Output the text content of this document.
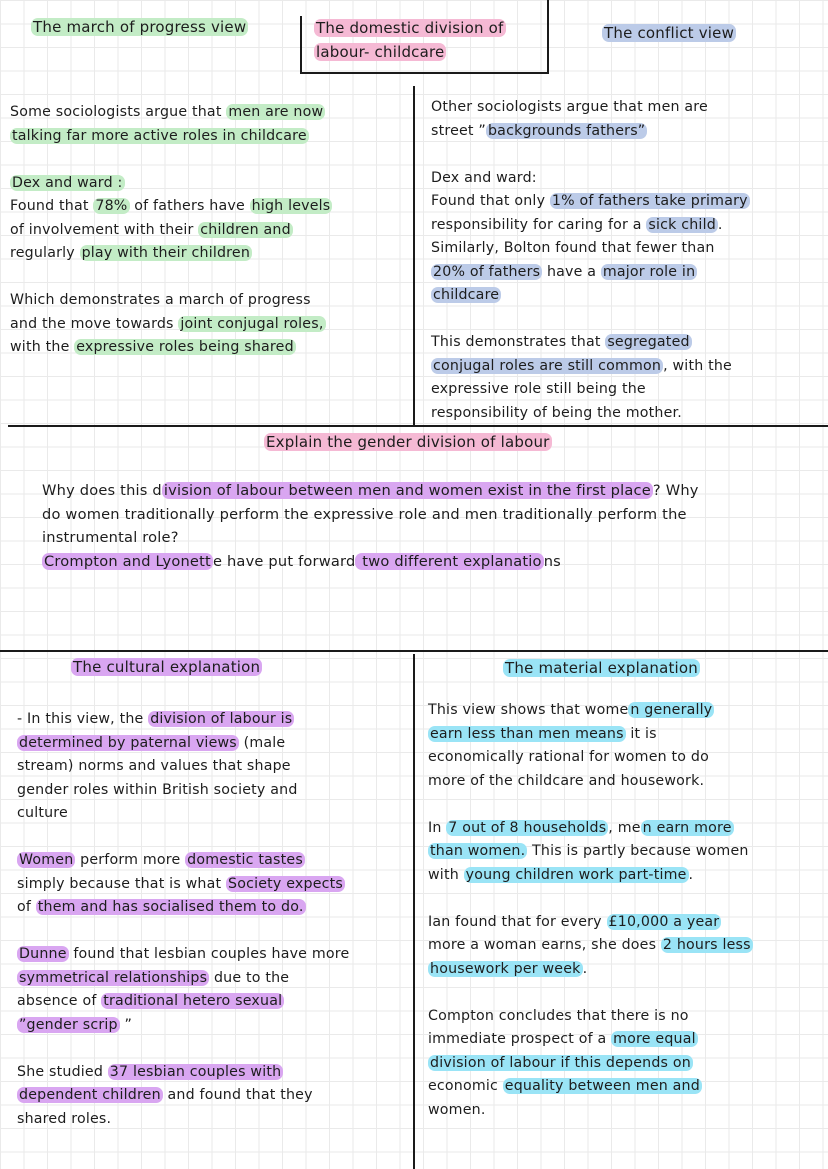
The march of progress view	The domestic division of

labour- childcare

The conflict view

Some sociologists argue that men are now

talking far more active roles in childcare

Dex and ward :

Found that 78% of fathers have high levels

of involvement with their children and

regularly play with their children

Which demonstrates a march of progress

and the move towards joint conjugal roles,

with the expressive roles being shared

Other sociologists argue that men are

street ” backgrounds fathers”

Dex and ward:

Found that only 1% of fathers take primary

responsibility for caring for a sick child .

Similarly, Bolton found that fewer than

20% of fathers have a major role in

childcare

This demonstrates that segregated

conjugal roles are still common , with the

expressive role still being the

responsibility of being the mother.

Explain the gender division of labour

Why does this d ivision of labour between men and women exist in the first place ? Why

do women traditionally perform the expressive role and men traditionally perform the

instrumental role?

Crompton and Lyonett e have put forward two different explanatio ns

The cultural explanation

- In this view, the division of labour is

determined by paternal views (male

stream) norms and values that shape

gender roles within British society and

culture

Women perform more domestic tastes

simply because that is what Society expects

of them and has socialised them to do.

Dunne found that lesbian couples have more

symmetrical relationships due to the

absence of traditional hetero sexual

”gender scrip ”

She studied 37 lesbian couples with

dependent children and found that they

shared roles.

The material explanation

This view shows that wome n generally

earn less than men means it is

economically rational for women to do

more of the childcare and housework.

In 7 out of 8 households , me n earn more

than women. This is partly because women

with young children work part-time .

Ian found that for every £10,000 a year

more a woman earns, she does 2 hours less

housework per week .

Compton concludes that there is no

immediate prospect of a more equal

division of labour if this depends on

economic equality between men and

women.
